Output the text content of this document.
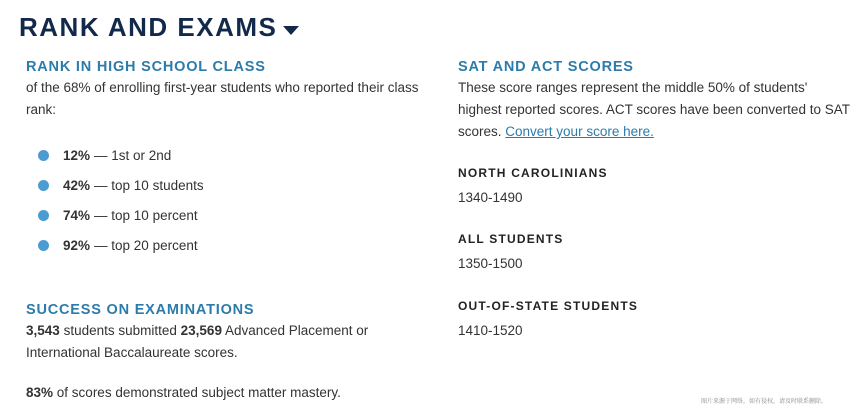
RANK AND EXAMS
RANK IN HIGH SCHOOL CLASS

of the 68% of enrolling first-year students who reported their class rank:

12% — 1st or 2nd
42% — top 10 students
74% — top 10 percent
92% — top 20 percent
SUCCESS ON EXAMINATIONS

3,543 students submitted 23,569 Advanced Placement or International Baccalaureate scores.

83% of scores demonstrated subject matter mastery.

SAT AND ACT SCORES

These score ranges represent the middle 50% of students' highest reported scores. ACT scores have been converted to SAT scores. Convert your score here.

NORTH CAROLINIANS

1340-1490

ALL STUDENTS

1350-1500

OUT-OF-STATE STUDENTS

1410-1520

图片来源于网络，如有侵权，请及时联系删除。
